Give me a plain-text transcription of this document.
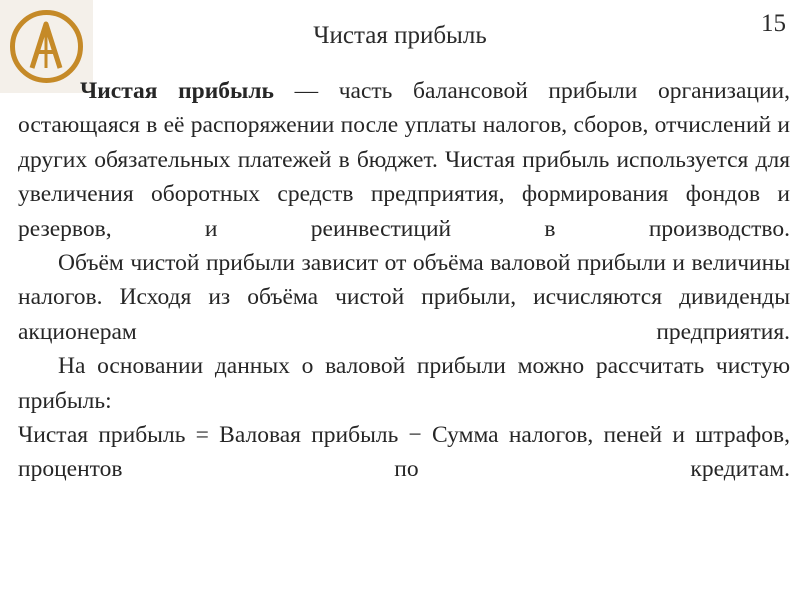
Чистая прибыль	15

Чистая прибыль — часть балансовой прибыли организации, остающаяся в её распоряжении после уплаты налогов, сборов, отчислений и других обязательных платежей в бюджет. Чистая прибыль используется для увеличения оборотных средств предприятия, формирования фондов и резервов, и реинвестиций в производство.

Объём чистой прибыли зависит от объёма валовой прибыли и величины налогов. Исходя из объёма чистой прибыли, исчисляются дивиденды акционерам предприятия.

На основании данных о валовой прибыли можно рассчитать чистую прибыль:

Чистая прибыль = Валовая прибыль − Сумма налогов, пеней и штрафов, процентов по кредитам.
